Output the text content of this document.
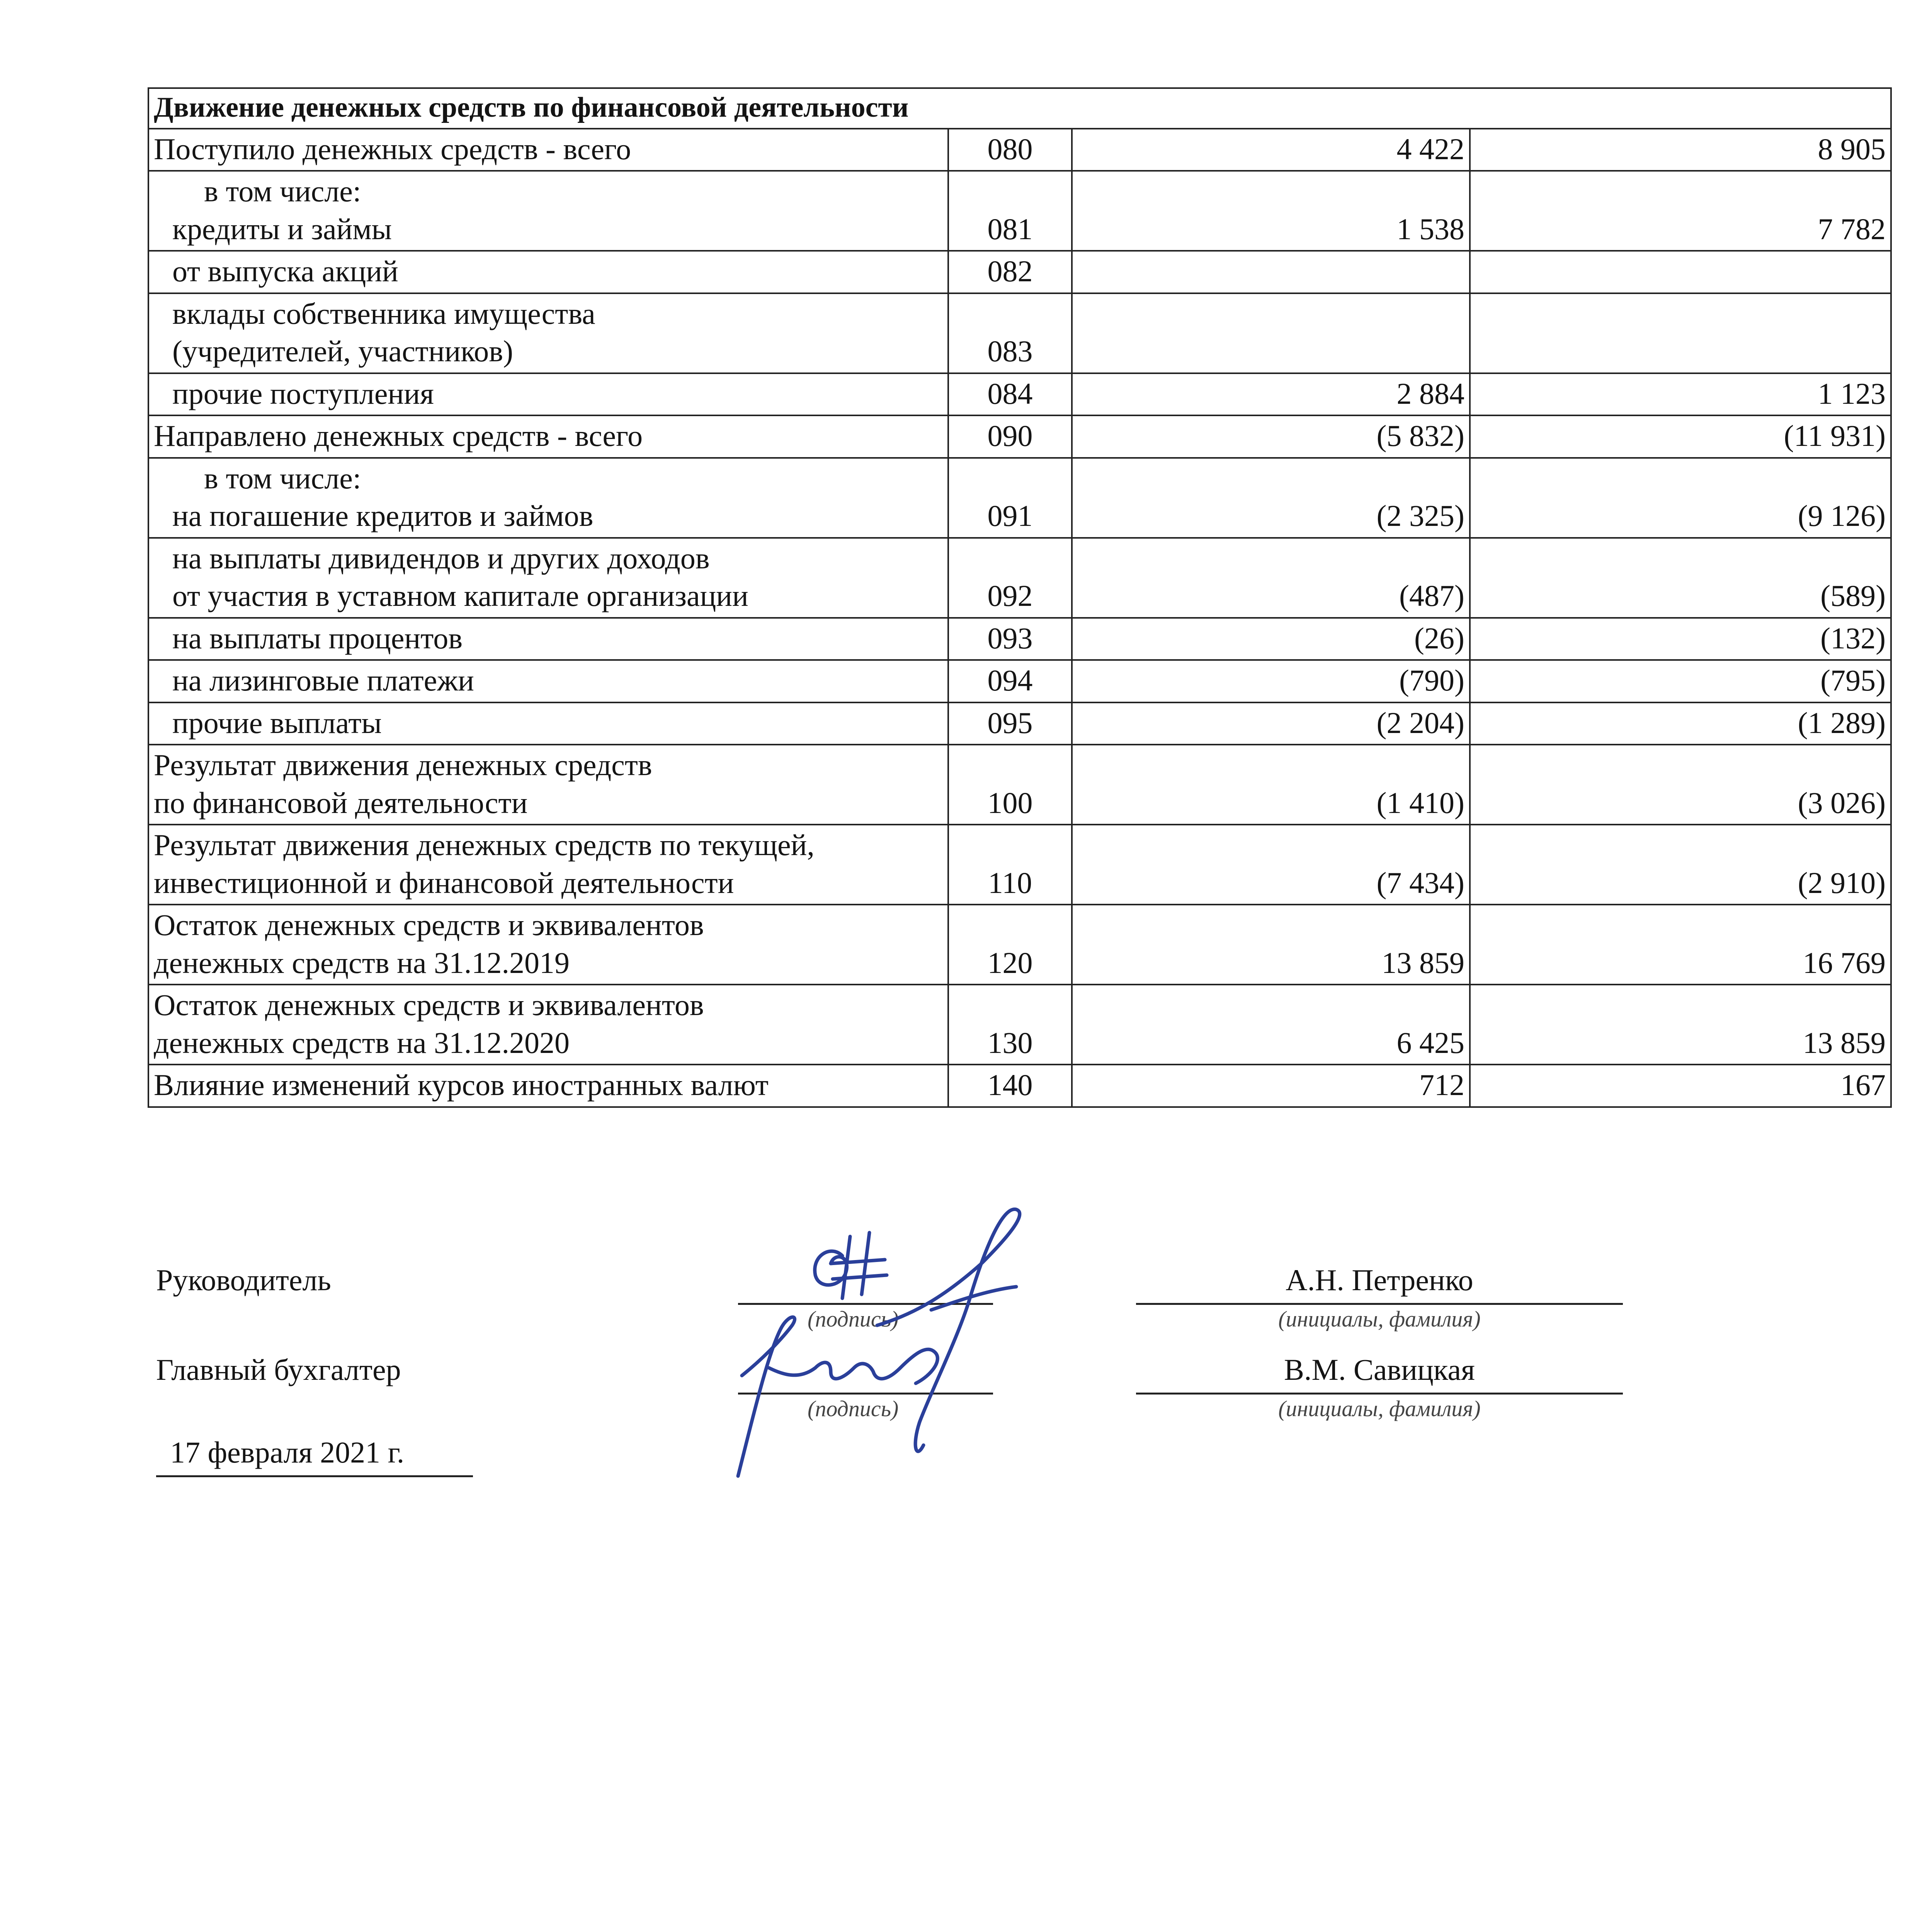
Движение денежных средств по финансовой деятельности			

Поступило денежных средств - всего	080	4 422	8 905

в том числе:
кредиты и займы	081	1 538	7 782

от выпуска акций	082		

вклады собственника имущества
(учредителей, участников)	083		

прочие поступления	084	2 884	1 123

Направлено денежных средств - всего	090	(5 832)	(11 931)

в том числе:
на погашение кредитов и займов	091	(2 325)	(9 126)

на выплаты дивидендов и других доходов
от участия в уставном капитале организации	092	(487)	(589)

на выплаты процентов	093	(26)	(132)

на лизинговые платежи	094	(790)	(795)

прочие выплаты	095	(2 204)	(1 289)

Результат движения денежных средств
по финансовой деятельности	100	(1 410)	(3 026)

Результат движения денежных средств по текущей,
инвестиционной и финансовой деятельности	110	(7 434)	(2 910)

Остаток денежных средств и эквивалентов
денежных средств на 31.12.2019	120	13 859	16 769

Остаток денежных средств и эквивалентов
денежных средств на 31.12.2020	130	6 425	13 859

Влияние изменений курсов иностранных валют	140	712	167
Руководитель
(подпись)
А.Н. Петренко
(инициалы, фамилия)
Главный бухгалтер
(подпись)
В.М. Савицкая
(инициалы, фамилия)
17 февраля 2021 г.
